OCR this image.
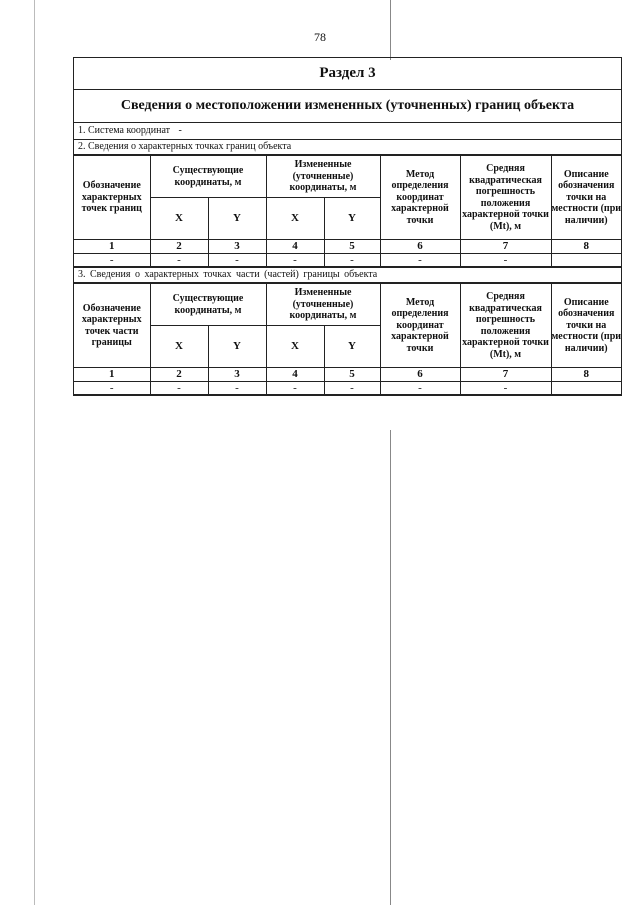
78
Раздел 3
Сведения о местоположении измененных (уточненных) границ объекта
1. Система координат -
2. Сведения о характерных точках границ объекта
Обозначение характерных точек границ	Существующие координаты, м		Измененные (уточненные) координаты, м		Метод определения координат характерной точки	Средняя квадратическая погрешность положения характерной точки (Mt), м	Описание обозначения точки на местности (при наличии)
	X	Y	X	Y			
1	2	3	4	5	6	7	8
-	-	-	-	-	-	-	
3. Сведения о характерных точках части (частей) границы объекта
Обозначение характерных точек части границы	Существующие координаты, м		Измененные (уточненные) координаты, м		Метод определения координат характерной точки	Средняя квадратическая погрешность положения характерной точки (Mt), м	Описание обозначения точки на местности (при наличии)
	X	Y	X	Y			
1	2	3	4	5	6	7	8
-	-	-	-	-	-	-	
